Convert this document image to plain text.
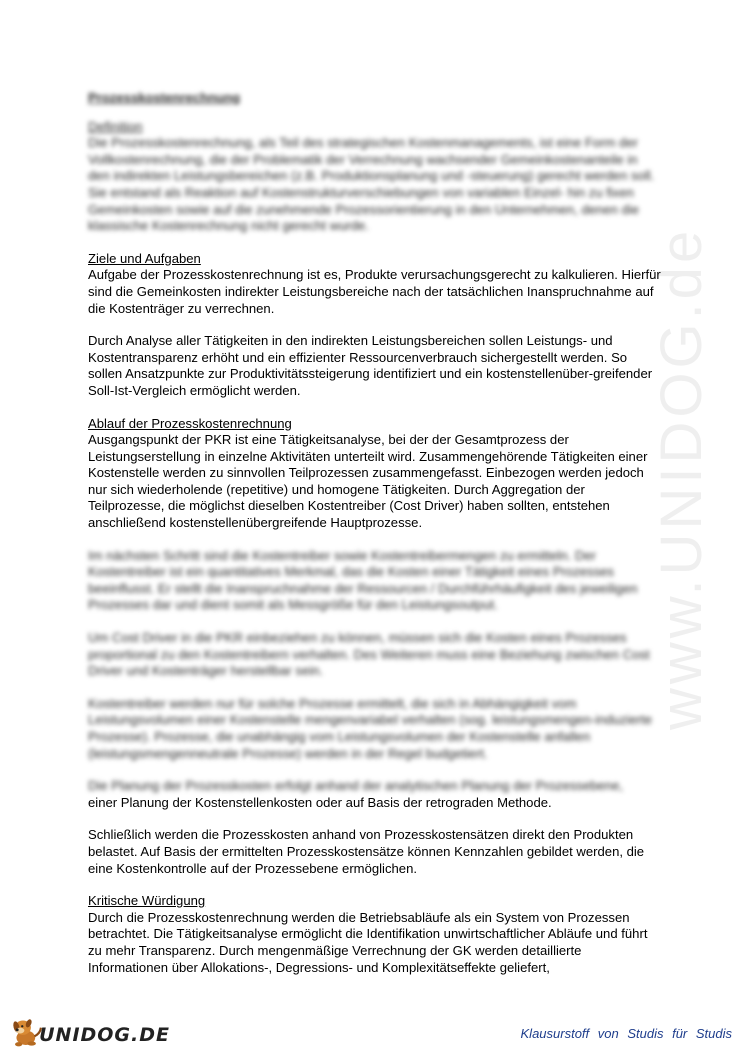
www.UNIDOG.de

Prozesskostenrechnung

Definition

Die Prozesskostenrechnung, als Teil des strategischen Kostenmanagements, ist eine Form der Vollkostenrechnung, die der Problematik der Verrechnung wachsender Gemeinkostenanteile in den indirekten Leistungsbereichen (z.B. Produktionsplanung und -steuerung) gerecht werden soll. Sie entstand als Reaktion auf Kostenstrukturverschiebungen von variablen Einzel- hin zu fixen Gemeinkosten sowie auf die zunehmende Prozessorientierung in den Unternehmen, denen die klassische Kostenrechnung nicht gerecht wurde.

Ziele und Aufgaben

Aufgabe der Prozesskostenrechnung ist es, Produkte verursachungsgerecht zu kalkulieren. Hierfür sind die Gemeinkosten indirekter Leistungsbereiche nach der tatsächlichen Inanspruchnahme auf die Kostenträger zu verrechnen.

Durch Analyse aller Tätigkeiten in den indirekten Leistungsbereichen sollen Leistungs- und Kostentransparenz erhöht und ein effizienter Ressourcenverbrauch sichergestellt werden. So sollen Ansatzpunkte zur Produktivitätssteigerung identifiziert und ein kostenstellenüber-greifender Soll-Ist-Vergleich ermöglicht werden.

Ablauf der Prozesskostenrechnung

Ausgangspunkt der PKR ist eine Tätigkeitsanalyse, bei der der Gesamtprozess der Leistungserstellung in einzelne Aktivitäten unterteilt wird. Zusammengehörende Tätigkeiten einer Kostenstelle werden zu sinnvollen Teilprozessen zusammengefasst. Einbezogen werden jedoch nur sich wiederholende (repetitive) und homogene Tätigkeiten. Durch Aggregation der Teilprozesse, die möglichst dieselben Kostentreiber (Cost Driver) haben sollten, entstehen anschließend kostenstellenübergreifende Hauptprozesse.

Im nächsten Schritt sind die Kostentreiber sowie Kostentreibermengen zu ermitteln. Der Kostentreiber ist ein quantitatives Merkmal, das die Kosten einer Tätigkeit eines Prozesses beeinflusst. Er stellt die Inanspruchnahme der Ressourcen / Durchführhäufigkeit des jeweiligen Prozesses dar und dient somit als Messgröße für den Leistungsoutput.

Um Cost Driver in die PKR einbeziehen zu können, müssen sich die Kosten eines Prozesses proportional zu den Kostentreibern verhalten. Des Weiteren muss eine Beziehung zwischen Cost Driver und Kostenträger herstellbar sein.

Kostentreiber werden nur für solche Prozesse ermittelt, die sich in Abhängigkeit vom Leistungsvolumen einer Kostenstelle mengenvariabel verhalten (sog. leistungsmengen-induzierte Prozesse). Prozesse, die unabhängig vom Leistungsvolumen der Kostenstelle anfallen (leistungsmengenneutrale Prozesse) werden in der Regel budgetiert.

Die Planung der Prozesskosten erfolgt anhand der analytischen Planung der Prozessebene,

einer Planung der Kostenstellenkosten oder auf Basis der retrograden Methode.

Schließlich werden die Prozesskosten anhand von Prozesskostensätzen direkt den Produkten belastet. Auf Basis der ermittelten Prozesskostensätze können Kennzahlen gebildet werden, die eine Kostenkontrolle auf der Prozessebene ermöglichen.

Kritische Würdigung

Durch die Prozesskostenrechnung werden die Betriebsabläufe als ein System von Prozessen betrachtet. Die Tätigkeitsanalyse ermöglicht die Identifikation unwirtschaftlicher Abläufe und führt zu mehr Transparenz. Durch mengenmäßige Verrechnung der GK werden detaillierte Informationen über Allokations-, Degressions- und Komplexitätseffekte geliefert,

UNIDOG.DE	Klausurstoff von Studis für Studis
